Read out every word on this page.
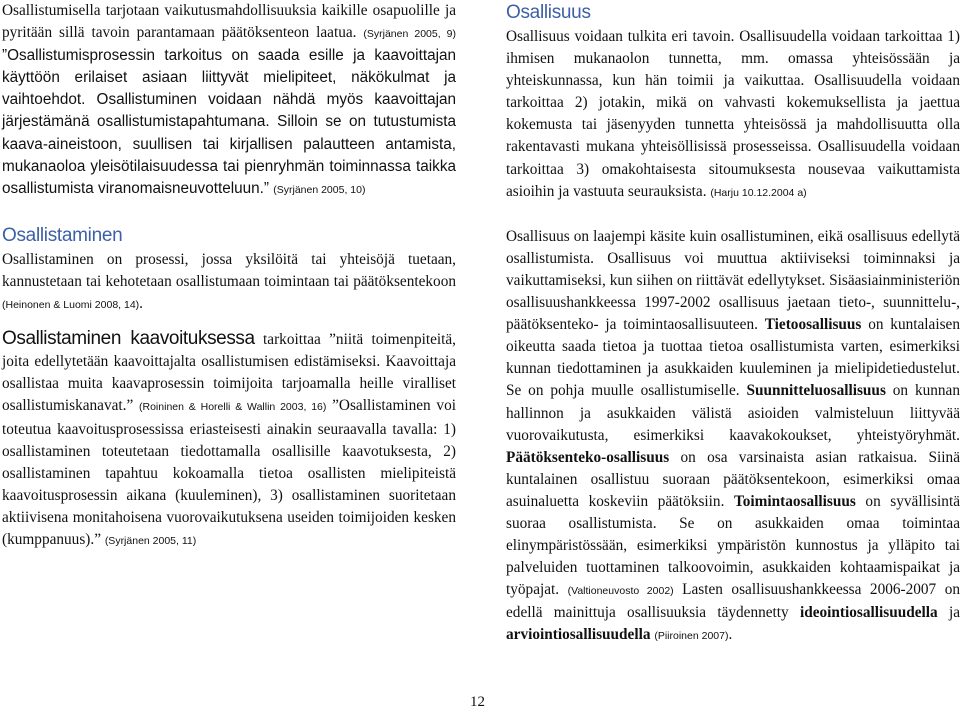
Osallistumisella tarjotaan vaikutusmahdollisuuksia kaikille osapuolille ja pyritään sillä tavoin parantamaan päätöksenteon laatua. (Syrjänen 2005, 9) ”Osallistumisprosessin tarkoitus on saada esille ja kaavoittajan käyttöön erilaiset asiaan liittyvät mielipiteet, näkökulmat ja vaihtoehdot. Osallistuminen voidaan nähdä myös kaavoittajan järjestämänä osallistumistapahtumana. Silloin se on tutustumista kaava-aineistoon, suullisen tai kirjallisen palautteen antamista, mukanaoloa yleisötilaisuudessa tai pienryhmän toiminnassa taikka osallistumista viranomaisneuvotteluun.” (Syrjänen 2005, 10)

Osallistaminen

Osallistaminen on prosessi, jossa yksilöitä tai yhteisöjä tuetaan, kannustetaan tai kehotetaan osallistumaan toimintaan tai päätöksentekoon (Heinonen & Luomi 2008, 14).

Osallistaminen kaavoituksessa tarkoittaa ”niitä toimenpiteitä, joita edellytetään kaavoittajalta osallistumisen edistämiseksi. Kaavoittaja osallistaa muita kaavaprosessin toimijoita tarjoamalla heille viralliset osallistumiskanavat.” (Roininen & Horelli & Wallin 2003, 16) ”Osallistaminen voi toteutua kaavoitusprosessissa eriasteisesti ainakin seuraavalla tavalla: 1) osallistaminen toteutetaan tiedottamalla osallisille kaavotuksesta, 2) osallistaminen tapahtuu kokoamalla tietoa osallisten mielipiteistä kaavoitusprosessin aikana (kuuleminen), 3) osallistaminen suoritetaan aktiivisena monitahoisena vuorovaikutuksena useiden toimijoiden kesken (kumppanuus).” (Syrjänen 2005, 11)

Osallisuus

Osallisuus voidaan tulkita eri tavoin. Osallisuudella voidaan tarkoittaa 1) ihmisen mukanaolon tunnetta, mm. omassa yhteisössään ja yhteiskunnassa, kun hän toimii ja vaikuttaa. Osallisuudella voidaan tarkoittaa 2) jotakin, mikä on vahvasti kokemuksellista ja jaettua kokemusta tai jäsenyyden tunnetta yhteisössä ja mahdollisuutta olla rakentavasti mukana yhteisöllisissä prosesseissa. Osallisuudella voidaan tarkoittaa 3) omakohtaisesta sitoumuksesta nousevaa vaikuttamista asioihin ja vastuuta seurauksista. (Harju 10.12.2004 a)

Osallisuus on laajempi käsite kuin osallistuminen, eikä osallisuus edellytä osallistumista. Osallisuus voi muuttua aktiiviseksi toiminnaksi ja vaikuttamiseksi, kun siihen on riittävät edellytykset. Sisäasiainministeriön osallisuushankkeessa 1997-2002 osallisuus jaetaan tieto-, suunnittelu-, päätöksenteko- ja toimintaosallisuuteen. Tietoosallisuus on kuntalaisen oikeutta saada tietoa ja tuottaa tietoa osallistumista varten, esimerkiksi kunnan tiedottaminen ja asukkaiden kuuleminen ja mielipidetiedustelut. Se on pohja muulle osallistumiselle. Suunnitteluosallisuus on kunnan hallinnon ja asukkaiden välistä asioiden valmisteluun liittyvää vuorovaikutusta, esimerkiksi kaavakokoukset, yhteistyöryhmät. Päätöksenteko-osallisuus on osa varsinaista asian ratkaisua. Siinä kuntalainen osallistuu suoraan päätöksentekoon, esimerkiksi omaa asuinaluetta koskeviin päätöksiin. Toimintaosallisuus on syvällisintä suoraa osallistumista. Se on asukkaiden omaa toimintaa elinympäristössään, esimerkiksi ympäristön kunnostus ja ylläpito tai palveluiden tuottaminen talkoovoimin, asukkaiden kohtaamispaikat ja työpajat. (Valtioneuvosto 2002) Lasten osallisuushankkeessa 2006-2007 on edellä mainittuja osallisuuksia täydennetty ideointiosallisuudella ja arviointiosallisuudella (Piiroinen 2007).

12
